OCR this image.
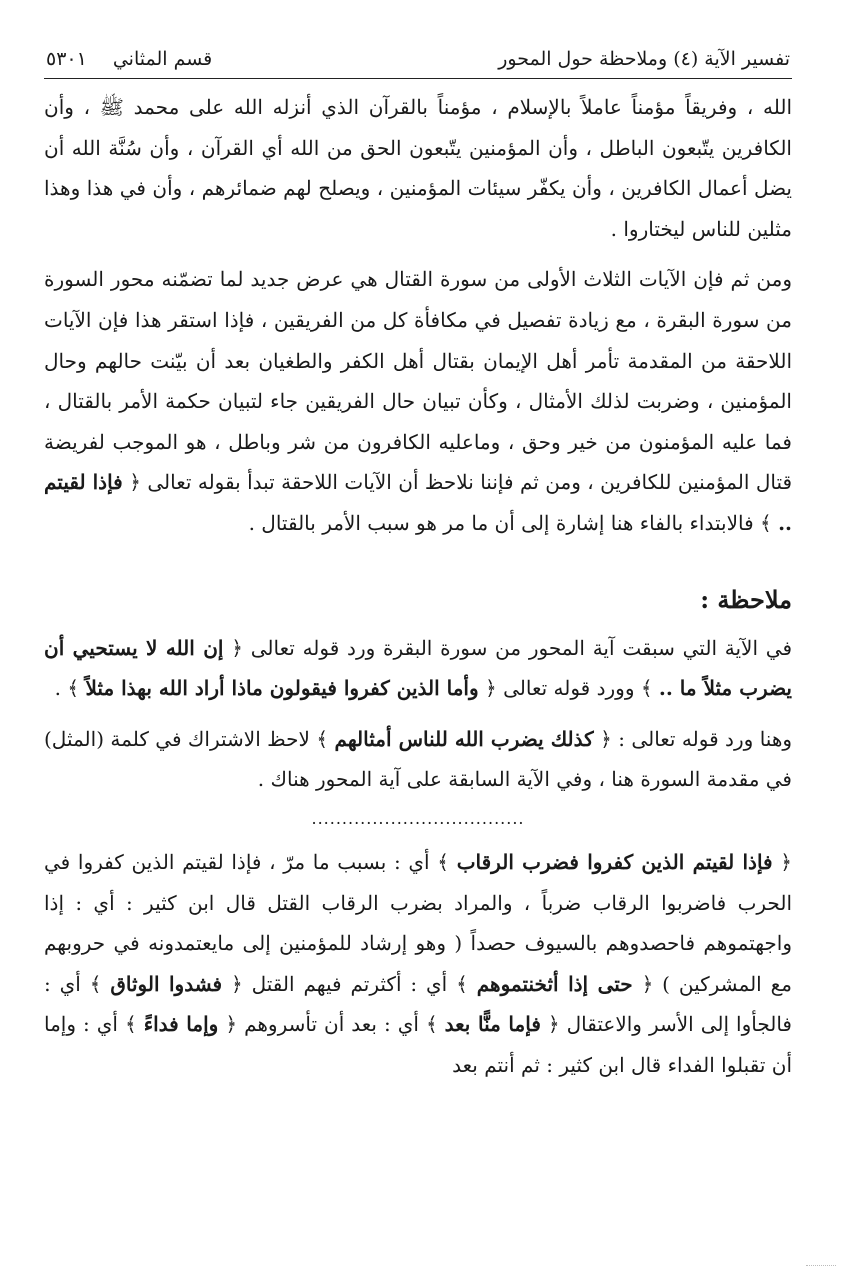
تفسير الآية (٤) وملاحظة حول المحور
قسم المثاني
٥٣٠١

الله ، وفريقاً مؤمناً عاملاً بالإسلام ، مؤمناً بالقرآن الذي أنزله الله على محمد ﷺ ، وأن الكافرين يتّبعون الباطل ، وأن المؤمنين يتّبعون الحق من الله أي القرآن ، وأن سُنَّة الله أن يضل أعمال الكافرين ، وأن يكفّر سيئات المؤمنين ، ويصلح لهم ضمائرهم ، وأن في هذا وهذا مثلين للناس ليختاروا .

ومن ثم فإن الآيات الثلاث الأولى من سورة القتال هي عرض جديد لما تضمّنه محور السورة من سورة البقرة ، مع زيادة تفصيل في مكافأة كل من الفريقين ، فإذا استقر هذا فإن الآيات اللاحقة من المقدمة تأمر أهل الإيمان بقتال أهل الكفر والطغيان بعد أن بيّنت حالهم وحال المؤمنين ، وضربت لذلك الأمثال ، وكأن تبيان حال الفريقين جاء لتبيان حكمة الأمر بالقتال ، فما عليه المؤمنون من خير وحق ، وماعليه الكافرون من شر وباطل ، هو الموجب لفريضة قتال المؤمنين للكافرين ، ومن ثم فإننا نلاحظ أن الآيات اللاحقة تبدأ بقوله تعالى ﴿ فإذا لقيتم .. ﴾ فالابتداء بالفاء هنا إشارة إلى أن ما مر هو سبب الأمر بالقتال .

ملاحظة :

في الآية التي سبقت آية المحور من سورة البقرة ورد قوله تعالى ﴿ إن الله لا يستحيي أن يضرب مثلاً ما .. ﴾ وورد قوله تعالى ﴿ وأما الذين كفروا فيقولون ماذا أراد الله بهذا مثلاً ﴾ .

وهنا ورد قوله تعالى : ﴿ كذلك يضرب الله للناس أمثالهم ﴾ لاحظ الاشتراك في كلمة (المثل) في مقدمة السورة هنا ، وفي الآية السابقة على آية المحور هناك .

...................................

﴿ فإذا لقيتم الذين كفروا فضرب الرقاب ﴾ أي : بسبب ما مرّ ، فإذا لقيتم الذين كفروا في الحرب فاضربوا الرقاب ضرباً ، والمراد بضرب الرقاب القتل قال ابن كثير : أي : إذا واجهتموهم فاحصدوهم بالسيوف حصداً ( وهو إرشاد للمؤمنين إلى مايعتمدونه في حروبهم مع المشركين ) ﴿ حتى إذا أثخنتموهم ﴾ أي : أكثرتم فيهم القتل ﴿ فشدوا الوثاق ﴾ أي : فالجأوا إلى الأسر والاعتقال ﴿ فإما منًّا بعد ﴾ أي : بعد أن تأسروهم ﴿ وإما فداءً ﴾ أي : وإما أن تقبلوا الفداء قال ابن كثير : ثم أنتم بعد
